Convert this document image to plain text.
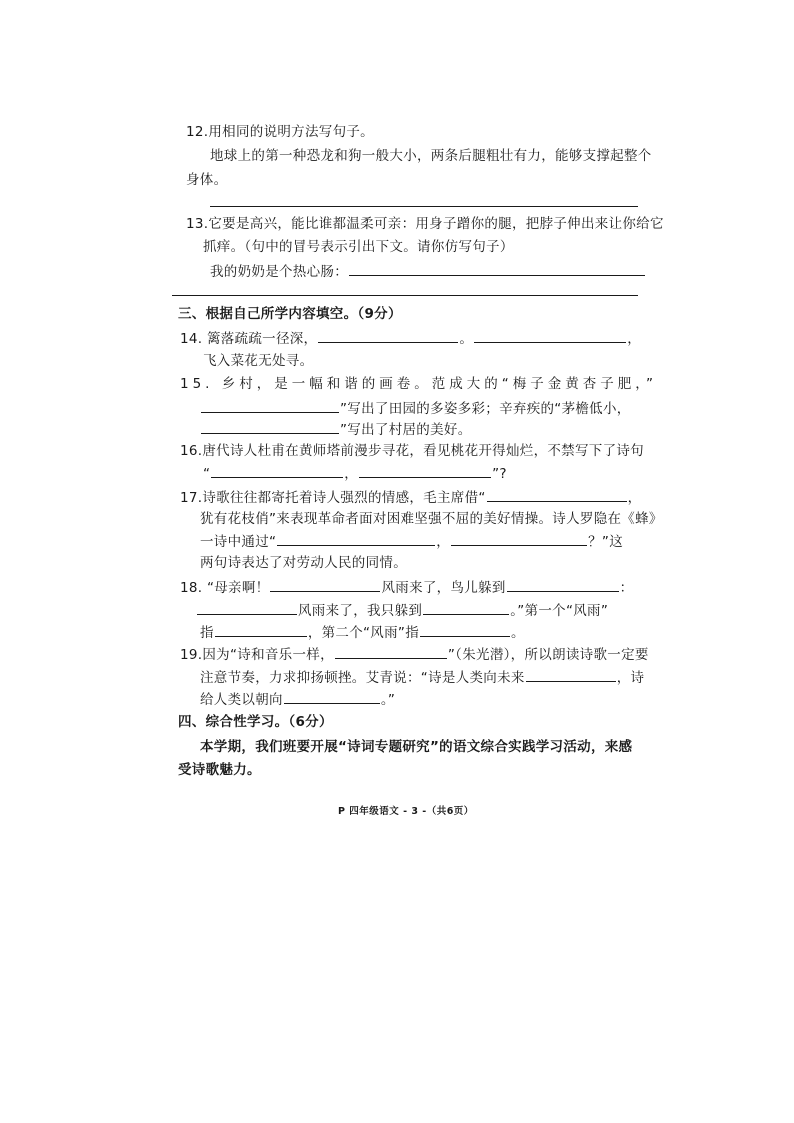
12.用相同的说明方法写句子。
地球上的第一种恐龙和狗一般大小，两条后腿粗壮有力，能够支撑起整个
身体。
13.它要是高兴，能比谁都温柔可亲：用身子蹭你的腿，把脖子伸出来让你给它
抓痒。（句中的冒号表示引出下文。请你仿写句子）
我的奶奶是个热心肠：
三、根据自己所学内容填空。（9分）
14. 篱落疏疏一径深，	。	，
飞入菜花无处寻。
15. 乡村，是一幅和谐的画卷。范成大的“梅子金黄杏子肥，”
”写出了田园的多姿多彩；辛弃疾的“茅檐低小，
”写出了村居的美好。
16.唐代诗人杜甫在黄师塔前漫步寻花，看见桃花开得灿烂，不禁写下了诗句
“	，	”?
17.诗歌往往都寄托着诗人强烈的情感，毛主席借“	，
犹有花枝俏”来表现革命者面对困难坚强不屈的美好情操。诗人罗隐在《蜂》
一诗中通过“	，	？”这
两句诗表达了对劳动人民的同情。
18. “母亲啊！	风雨来了，鸟儿躲到	：
风雨来了，我只躲到	。”第一个“风雨”
指	，第二个“风雨”指	。
19.因为“诗和音乐一样，	”（朱光潜），所以朗读诗歌一定要
注意节奏，力求抑扬顿挫。艾青说：“诗是人类向未来	，诗
给人类以朝向	。”
四、综合性学习。（6分）
本学期，我们班要开展“诗词专题研究”的语文综合实践学习活动，来感
受诗歌魅力。
P 四年级语文 - 3 -（共6页）
